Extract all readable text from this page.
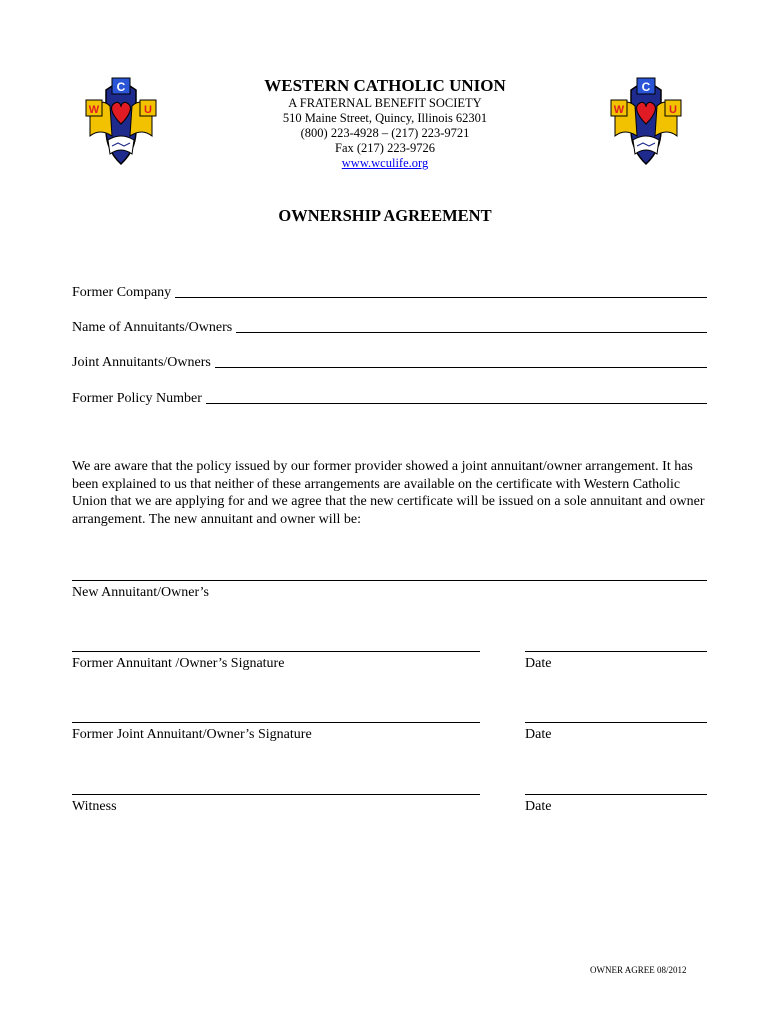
C
W	U
C
W	U
WESTERN CATHOLIC UNION
A FRATERNAL BENEFIT SOCIETY
510 Maine Street, Quincy, Illinois 62301
(800) 223-4928 – (217) 223-9721
Fax (217) 223-9726
www.wculife.org
OWNERSHIP AGREEMENT
Former Company
Name of Annuitants/Owners
Joint Annuitants/Owners
Former Policy Number
We are aware that the policy issued by our former provider showed a joint annuitant/owner arrangement. It has been explained to us that neither of these arrangements are available on the certificate with Western Catholic Union that we are applying for and we agree that the new certificate will be issued on a sole annuitant and owner arrangement. The new annuitant and owner will be:
New Annuitant/Owner’s
Former Annuitant /Owner’s Signature	Date
Former Joint Annuitant/Owner’s Signature	Date
Witness	Date
OWNER AGREE 08/2012
